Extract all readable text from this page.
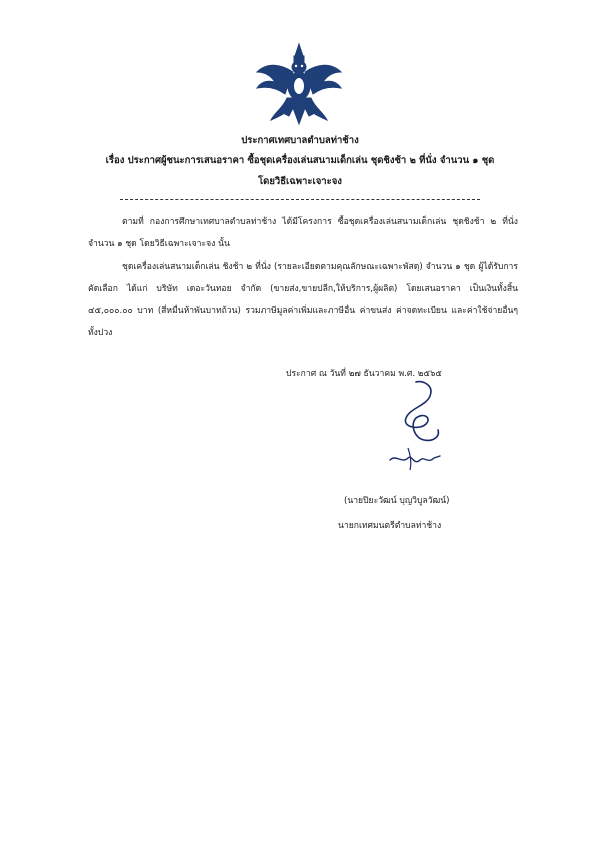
ประกาศเทศบาลตำบลท่าช้าง
เรื่อง ประกาศผู้ชนะการเสนอราคา ซื้อชุดเครื่องเล่นสนามเด็กเล่น ชุดชิงช้า ๒ ที่นั่ง จำนวน ๑ ชุด
โดยวิธีเฉพาะเจาะจง
ตามที่ กองการศึกษาเทศบาลตำบลท่าช้าง ได้มีโครงการ ซื้อชุดเครื่องเล่นสนามเด็กเล่น ชุดชิงช้า ๒ ที่นั่ง จำนวน ๑ ชุด โดยวิธีเฉพาะเจาะจง นั้น
ชุดเครื่องเล่นสนามเด็กเล่น ชิงช้า ๒ ที่นั่ง (รายละเอียดตามคุณลักษณะเฉพาะพัสดุ) จำนวน ๑ ชุด ผู้ได้รับการคัดเลือก ได้แก่ บริษัท เดอะวันทอย จำกัด (ขายส่ง,ขายปลีก,ให้บริการ,ผู้ผลิต) โดยเสนอราคา เป็นเงินทั้งสิ้น ๔๕,๐๐๐.๐๐ บาท (สี่หมื่นห้าพันบาทถ้วน) รวมภาษีมูลค่าเพิ่มและภาษีอื่น ค่าขนส่ง ค่าจดทะเบียน และค่าใช้จ่ายอื่นๆ ทั้งปวง
ประกาศ ณ วันที่ ๒๗ ธันวาคม พ.ศ. ๒๕๖๕
(นายปิยะวัฒน์ บุญวิบูลวัฒน์)
นายกเทศมนตรีตำบลท่าช้าง
